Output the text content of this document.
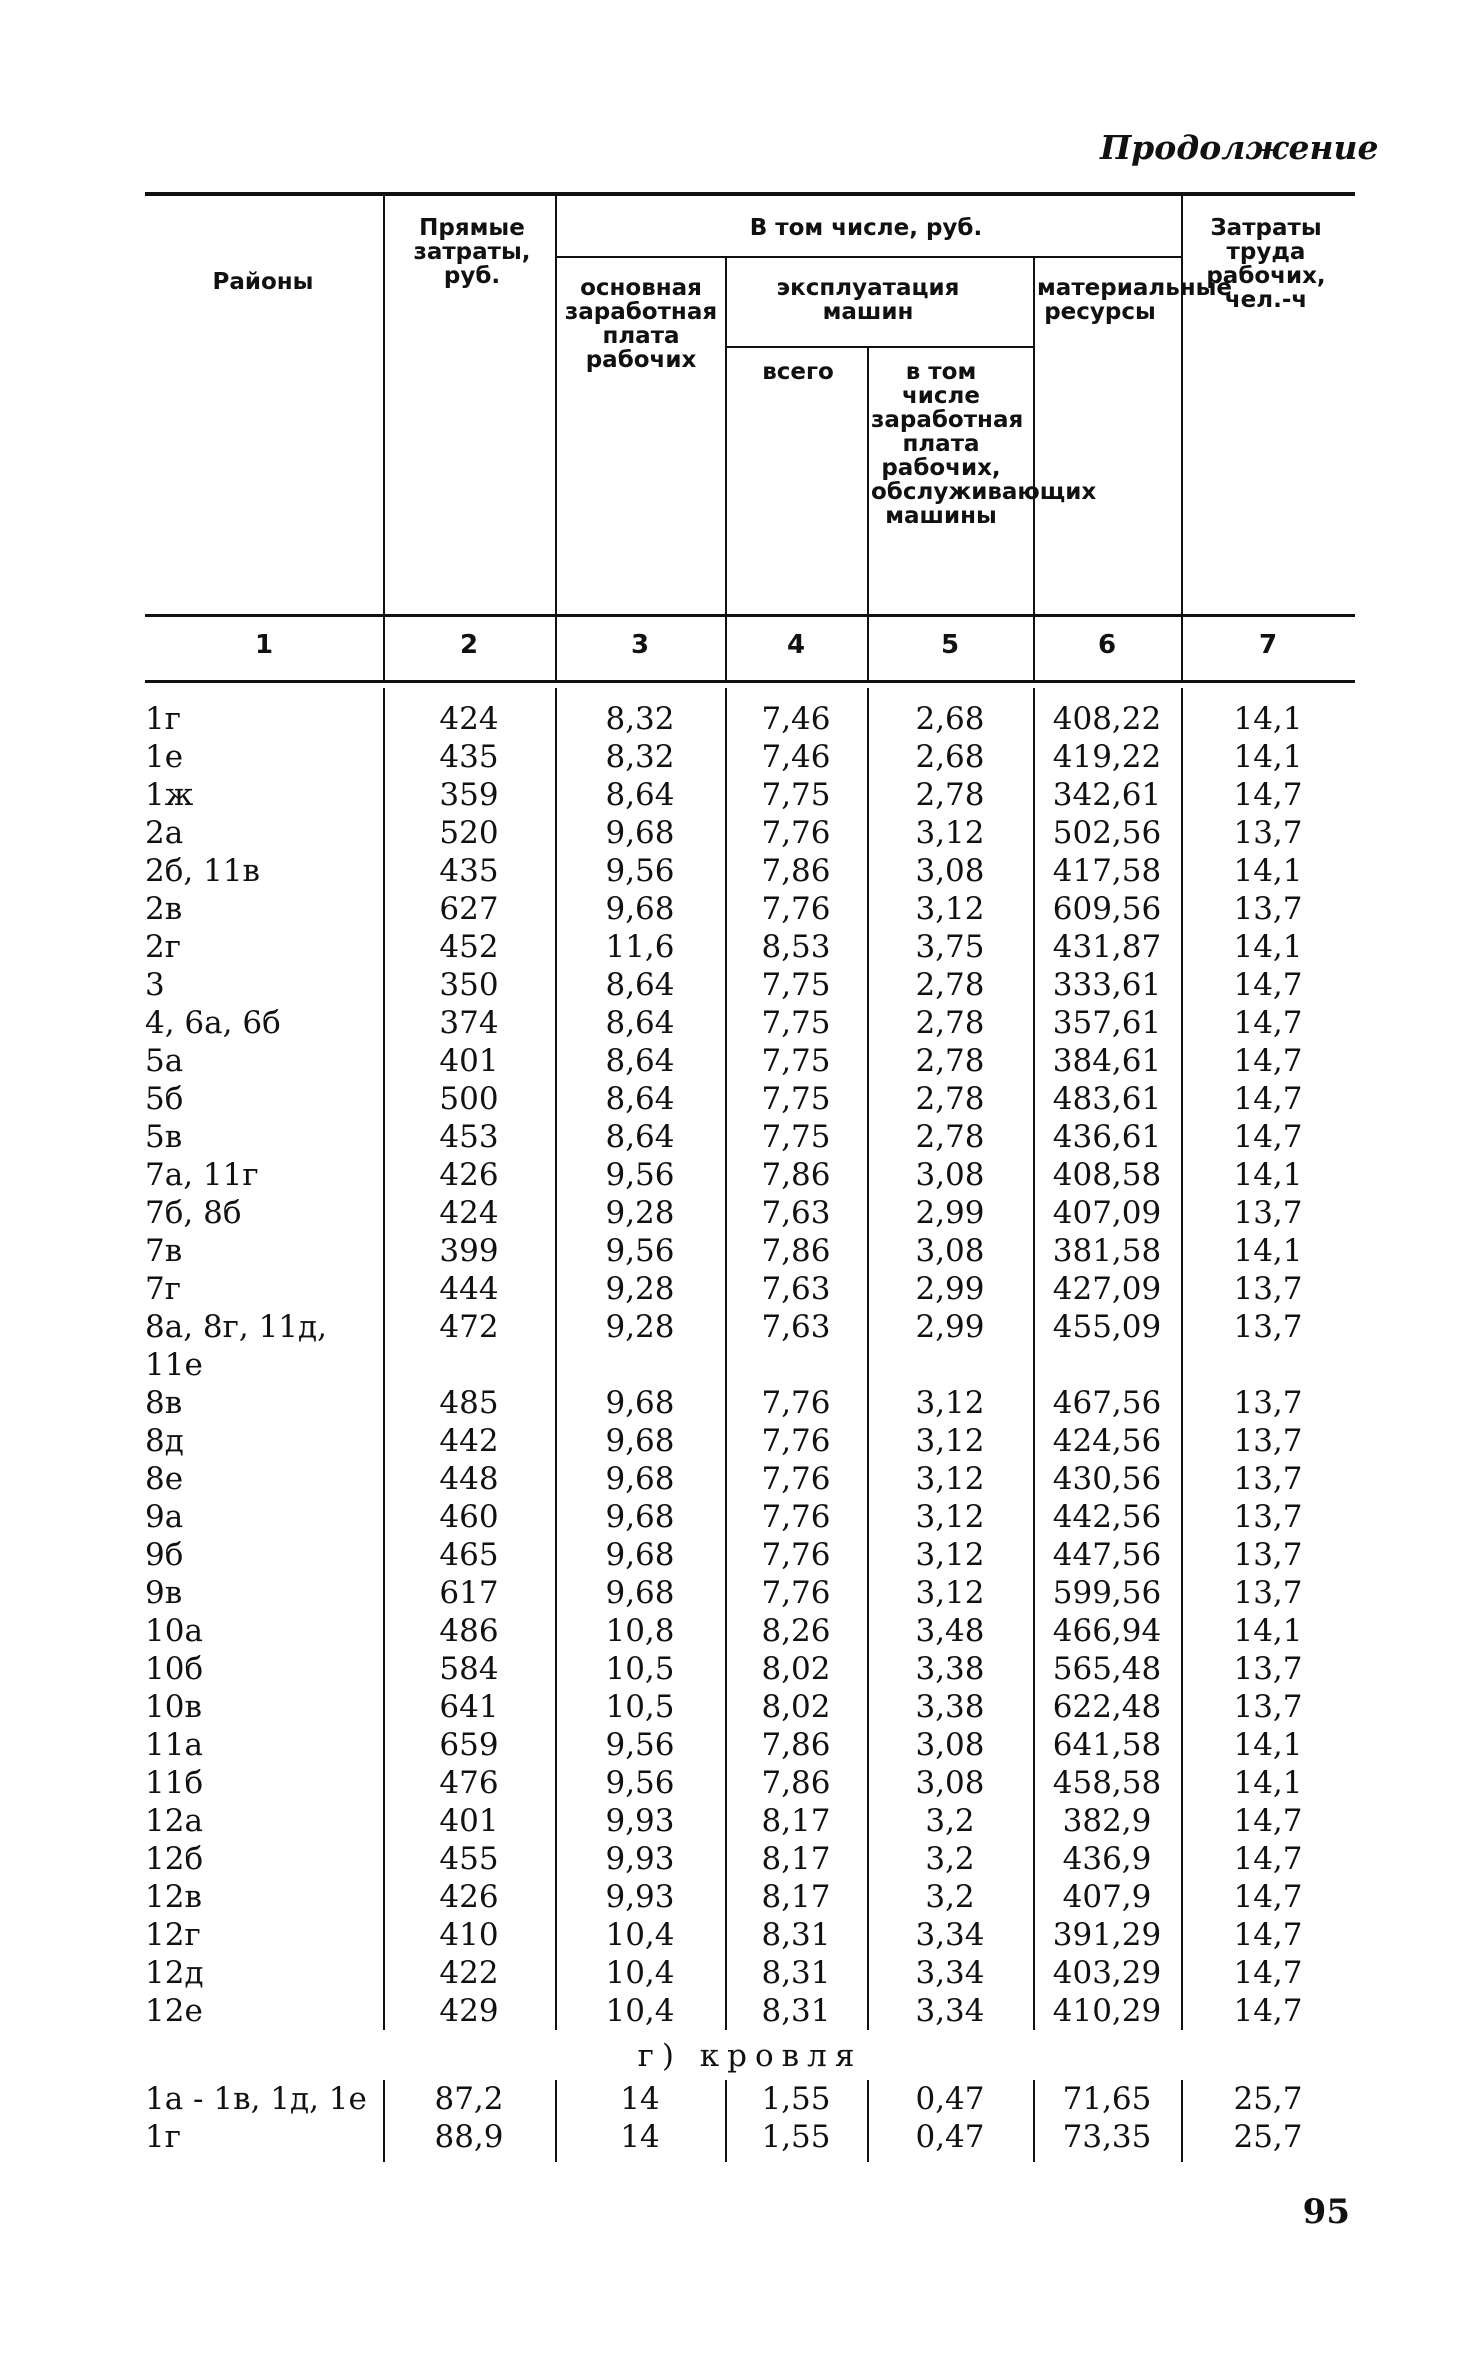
Продолжение
Районы
Прямые затраты, руб.
В том числе, руб.
основная заработная плата рабочих
эксплуатация машин
всего	в том числе заработная плата рабочих, обслуживающих машины
материальные ресурсы
Затраты труда рабочих, чел.-ч
1	2	3	4	5	6	7
1г	424	8,32	7,46	2,68	408,22	14,1
1е	435	8,32	7,46	2,68	419,22	14,1
1ж	359	8,64	7,75	2,78	342,61	14,7
2а	520	9,68	7,76	3,12	502,56	13,7
2б, 11в	435	9,56	7,86	3,08	417,58	14,1
2в	627	9,68	7,76	3,12	609,56	13,7
2г	452	11,6	8,53	3,75	431,87	14,1
3	350	8,64	7,75	2,78	333,61	14,7
4, 6а, 6б	374	8,64	7,75	2,78	357,61	14,7
5а	401	8,64	7,75	2,78	384,61	14,7
5б	500	8,64	7,75	2,78	483,61	14,7
5в	453	8,64	7,75	2,78	436,61	14,7
7а, 11г	426	9,56	7,86	3,08	408,58	14,1
7б, 8б	424	9,28	7,63	2,99	407,09	13,7
7в	399	9,56	7,86	3,08	381,58	14,1
7г	444	9,28	7,63	2,99	427,09	13,7
8а, 8г, 11д,	472	9,28	7,63	2,99	455,09	13,7
11е
8в	485	9,68	7,76	3,12	467,56	13,7
8д	442	9,68	7,76	3,12	424,56	13,7
8е	448	9,68	7,76	3,12	430,56	13,7
9а	460	9,68	7,76	3,12	442,56	13,7
9б	465	9,68	7,76	3,12	447,56	13,7
9в	617	9,68	7,76	3,12	599,56	13,7
10а	486	10,8	8,26	3,48	466,94	14,1
10б	584	10,5	8,02	3,38	565,48	13,7
10в	641	10,5	8,02	3,38	622,48	13,7
11а	659	9,56	7,86	3,08	641,58	14,1
11б	476	9,56	7,86	3,08	458,58	14,1
12а	401	9,93	8,17	3,2	382,9	14,7
12б	455	9,93	8,17	3,2	436,9	14,7
12в	426	9,93	8,17	3,2	407,9	14,7
12г	410	10,4	8,31	3,34	391,29	14,7
12д	422	10,4	8,31	3,34	403,29	14,7
12е	429	10,4	8,31	3,34	410,29	14,7
г) кровля
1а - 1в, 1д, 1е	87,2	14	1,55	0,47	71,65	25,7
1г	88,9	14	1,55	0,47	73,35	25,7
95
